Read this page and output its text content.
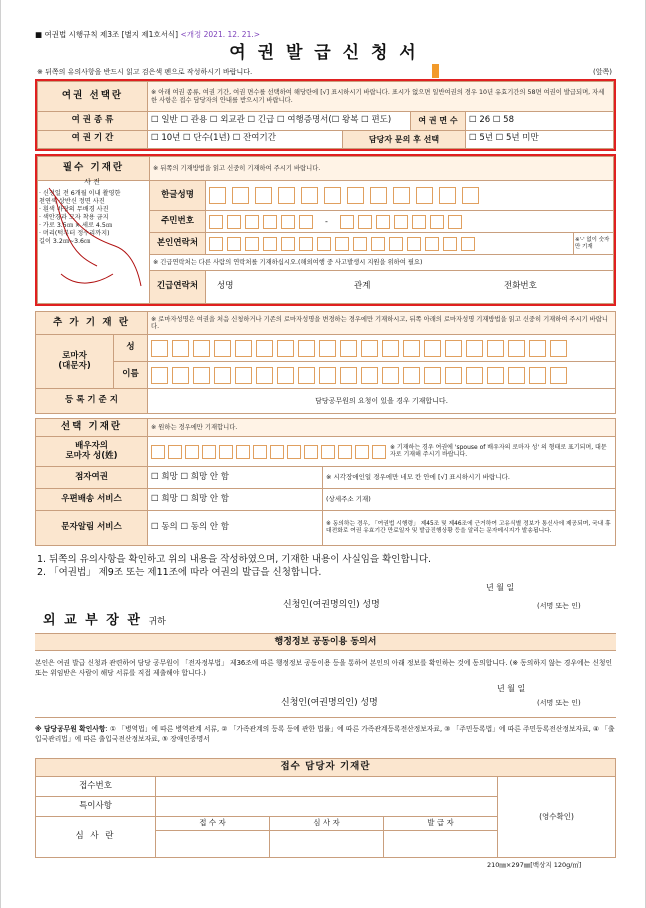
■ 여권법 시행규칙 제3조 [별지 제1호서식] <개정 2021. 12. 21.>
여 권 발 급 신 청 서
※ 뒤쪽의 유의사항을 반드시 읽고 검은색 펜으로 작성하시기 바랍니다.	(앞쪽)
여권 선택란	※ 아래 여권 종류, 여권 기간, 여권 면수를 선택하여 해당란에 [√] 표시하시기 바랍니다. 표시가 없으면 일반여권의 경우 10년 유효기간의 58면 여권이 발급되며, 자세한 사항은 접수 담당자의 안내를 받으시기 바랍니다.			
여 권 종 류	☐ 일반 ☐ 관용 ☐ 외교관 ☐ 긴급 ☐ 여행증명서(☐ 왕복 ☐ 편도)		여 권 면 수	☐ 26 ☐ 58
여 권 기 간	☐ 10년 ☐ 단수(1년) ☐ 잔여기간	담당자 문의 후 선택		☐ 5년 ☐ 5년 미만
필수 기재란	※ 뒤쪽의 기재방법을 읽고 신중히 기재하여 주시기 바랍니다.		
	한글성명		

	주민번호	-	

	본인연락처		※'-' 없이 숫자만 기재
	※ 긴급연락처는 다른 사람의 연락처를 기재하십시오.(해외여행 중 사고발생시 지원을 위하여 필요)		
	긴급연락처	성명 관계 전화번호	
사 진
· 신청일 전 6개월 이내 촬영한
천연색 상반신 정면 사진
· 흰색 바탕의 무배경 사진
· 색안경과 모자 착용 금지
· 가로 3.5㎝ × 세로 4.5㎝
· 머리(턱부터 정수리까지)
길이 3.2㎝~3.6㎝
추 가 기 재 란		※ 로마자성명은 여권을 처음 신청하거나 기존의 로마자성명을 변경하는 경우에만 기재하시고, 뒤쪽 아래의 로마자성명 기재방법을 읽고 신중히 기재하여 주시기 바랍니다.
로마자
(대문자)	성	

	이름	

등 록 기 준 지		담당공무원의 요청이 있을 경우 기재합니다.
선택 기재란	※ 원하는 경우에만 기재합니다.	
배우자의
로마자 성(姓)	※ 기재하는 경우 여권에 'spouse of 배우자의 로마자 성' 의 형태로 표기되며, 대문자로 기재해 주시기 바랍니다.	

점자여권	☐ 희망 ☐ 희망 안 함	※ 시각장애인일 경우에만 네모 칸 안에 [√] 표시하시기 바랍니다.
우편배송 서비스	☐ 희망 ☐ 희망 안 함	(상세주소 기재)
문자알림 서비스	☐ 동의 ☐ 동의 안 함	※ 동의하는 경우, 「여권법 시행령」 제45조 및 제46조에 근거하여 고유식별 정보가 통신사에 제공되며, 국내 휴대전화로 여권 유효기간 만료일자 및 발급진행상황 등을 알리는 문자메시지가 발송됩니다.
1. 뒤쪽의 유의사항을 확인하고 위의 내용을 작성하였으며, 기재한 내용이 사실임을 확인합니다.
2. 「여권법」 제9조 또는 제11조에 따라 여권의 발급을 신청합니다.
년 월 일
신청인(여권명의인) 성명	(서명 또는 인)
외 교 부 장 관 귀하
행정정보 공동이용 동의서
본인은 여권 발급 신청과 관련하여 담당 공무원이 「전자정부법」 제36조에 따른 행정정보 공동이용 등을 통하여 본인의 아래 정보를 확인하는 것에 동의합니다. (※ 동의하지 않는 경우에는 신청인 또는 위임받은 사람이 해당 서류를 직접 제출해야 합니다.)
년 월 일
신청인(여권명의인) 성명	(서명 또는 인)
※ 담당공무원 확인사항: ① 「병역법」에 따른 병역관계 서류, ② 「가족관계의 등록 등에 관한 법률」에 따른 가족관계등록전산정보자료, ③ 「주민등록법」에 따른 주민등록전산정보자료, ④ 「출입국관리법」에 따른 출입국전산정보자료, ⑤ 장애인증명서
접수 담당자 기재란				
접수번호				(영수확인)
특이사항				
심 사 란	접 수 자	심 사 자	발 급 자	

210㎜×297㎜[백상지 120g/㎡]
